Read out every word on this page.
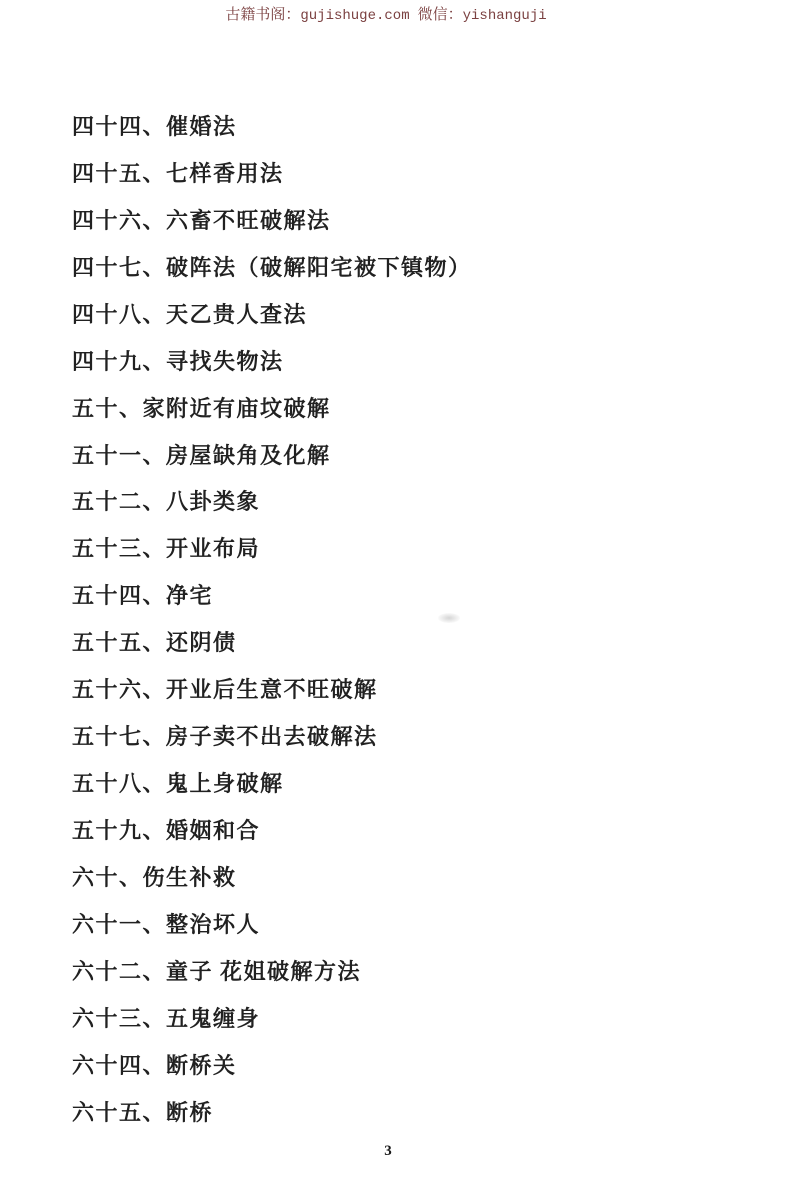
古籍书阁：gujishuge.com 微信：yishanguji
四十四、催婚法
四十五、七样香用法
四十六、六畜不旺破解法
四十七、破阵法（破解阳宅被下镇物）
四十八、天乙贵人查法
四十九、寻找失物法
五十、家附近有庙坟破解
五十一、房屋缺角及化解
五十二、八卦类象
五十三、开业布局
五十四、净宅
五十五、还阴债
五十六、开业后生意不旺破解
五十七、房子卖不出去破解法
五十八、鬼上身破解
五十九、婚姻和合
六十、伤生补救
六十一、整治坏人
六十二、童子 花姐破解方法
六十三、五鬼缠身
六十四、断桥关
六十五、断桥
3
